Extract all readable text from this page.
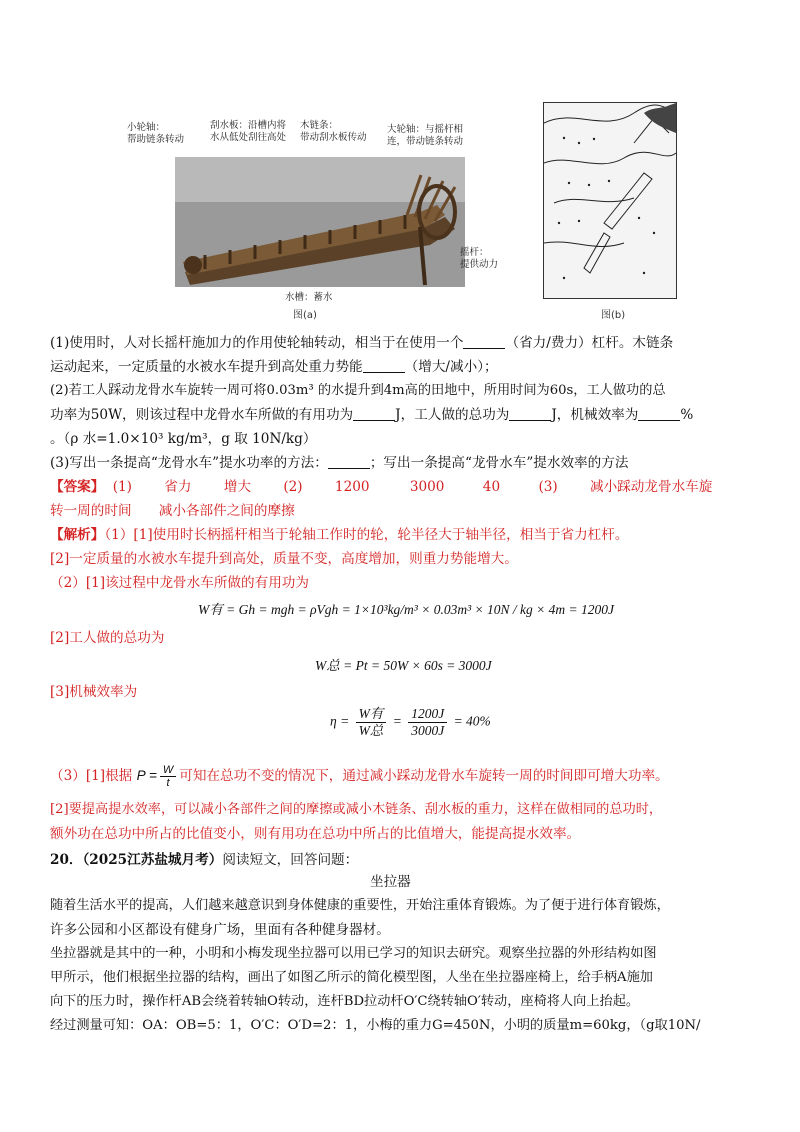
小轮轴：
帮助链条转动
刮水板：沿槽内将
水从低处刮往高处
木链条：
带动刮水板传动
大轮轴：与摇杆相
连，带动链条转动
摇杆：
提供动力
水槽：蓄水
图(a)	图(b)
(1)使用时，人对长摇杆施加力的作用使轮轴转动，相当于在使用一个	（省力/费力）杠杆。木链条
运动起来，一定质量的水被水车提升到高处重力势能	（增大/减小）；
(2)若工人踩动龙骨水车旋转一周可将0.03m³ 的水提升到4m高的田地中，所用时间为60s，工人做功的总
功率为50W，则该过程中龙骨水车所做的有用功为	J，工人做的总功为	J，机械效率为	%
。（ρ 水=1.0×10³ kg/m³，g 取 10N/kg）
(3)写出一条提高“龙骨水车”提水功率的方法：	；写出一条提高“龙骨水车”提水效率的方法
【答案】 (1) 省力 增大 (2) 1200	3000	40	(3) 减小踩动龙骨水车旋
转一周的时间　　减小各部件之间的摩擦
【解析】（1）[1]使用时长柄摇杆相当于轮轴工作时的轮，轮半径大于轴半径，相当于省力杠杆。
[2]一定质量的水被水车提升到高处，质量不变，高度增加，则重力势能增大。
（2）[1]该过程中龙骨水车所做的有用功为
W有 = Gh = mgh = ρVgh = 1×10³kg/m³ × 0.03m³ × 10N / kg × 4m = 1200J
[2]工人做的总功为
W总 = Pt = 50W × 60s = 3000J
[3]机械效率为
$\eta = \frac{\text{W有}}{\text{W总}} = \frac{1200J}{3000J} = 40\%$
（3）[1]根据 $P = \frac{W}{t}$ 可知在总功不变的情况下，通过减小踩动龙骨水车旋转一周的时间即可增大功率。
[2]要提高提水效率，可以减小各部件之间的摩擦或减小木链条、刮水板的重力，这样在做相同的总功时，
额外功在总功中所占的比值变小，则有用功在总功中所占的比值增大，能提高提水效率。
20．（2025江苏盐城月考）阅读短文，回答问题：
坐拉器
随着生活水平的提高，人们越来越意识到身体健康的重要性，开始注重体育锻炼。为了便于进行体育锻炼，
许多公园和小区都设有健身广场，里面有各种健身器材。
坐拉器就是其中的一种，小明和小梅发现坐拉器可以用已学习的知识去研究。观察坐拉器的外形结构如图
甲所示，他们根据坐拉器的结构，画出了如图乙所示的简化模型图，人坐在坐拉器座椅上，给手柄A施加
向下的压力时，操作杆AB会绕着转轴O转动，连杆BD拉动杆O′C绕转轴O′转动，座椅将人向上抬起。
经过测量可知：OA：OB=5：1，O′C：O′D=2：1，小梅的重力G=450N，小明的质量m=60kg，（g取10N/
